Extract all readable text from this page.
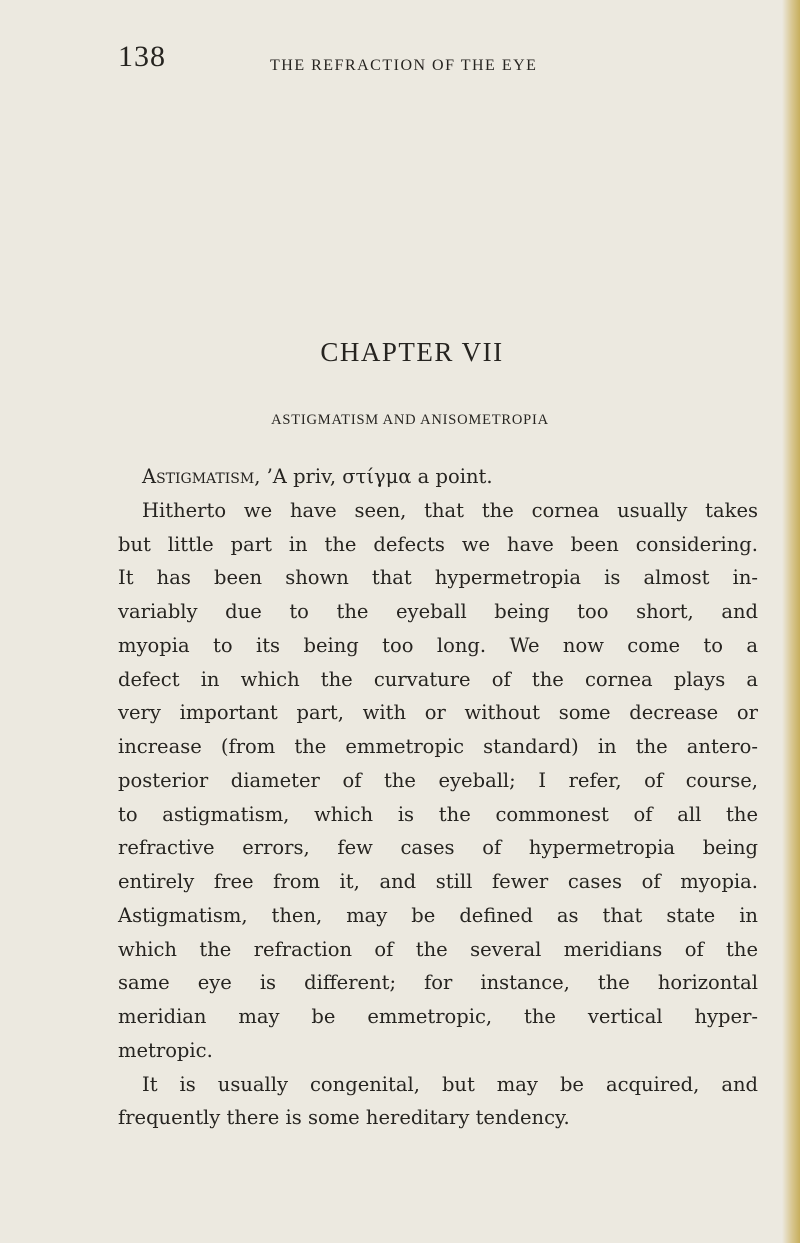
138	THE REFRACTION OF THE EYE
CHAPTER VII
ASTIGMATISM AND ANISOMETROPIA
Astigmatism, ’A priv, στίγμα a point.
Hitherto we have seen, that the cornea usually takes
but little part in the defects we have been considering.
It has been shown that hypermetropia is almost in-
variably due to the eyeball being too short, and
myopia to its being too long. We now come to a
defect in which the curvature of the cornea plays a
very important part, with or without some decrease or
increase (from the emmetropic standard) in the antero-
posterior diameter of the eyeball; I refer, of course,
to astigmatism, which is the commonest of all the
refractive errors, few cases of hypermetropia being
entirely free from it, and still fewer cases of myopia.
Astigmatism, then, may be defined as that state in
which the refraction of the several meridians of the
same eye is different; for instance, the horizontal
meridian may be emmetropic, the vertical hyper-
metropic.
It is usually congenital, but may be acquired, and
frequently there is some hereditary tendency.
